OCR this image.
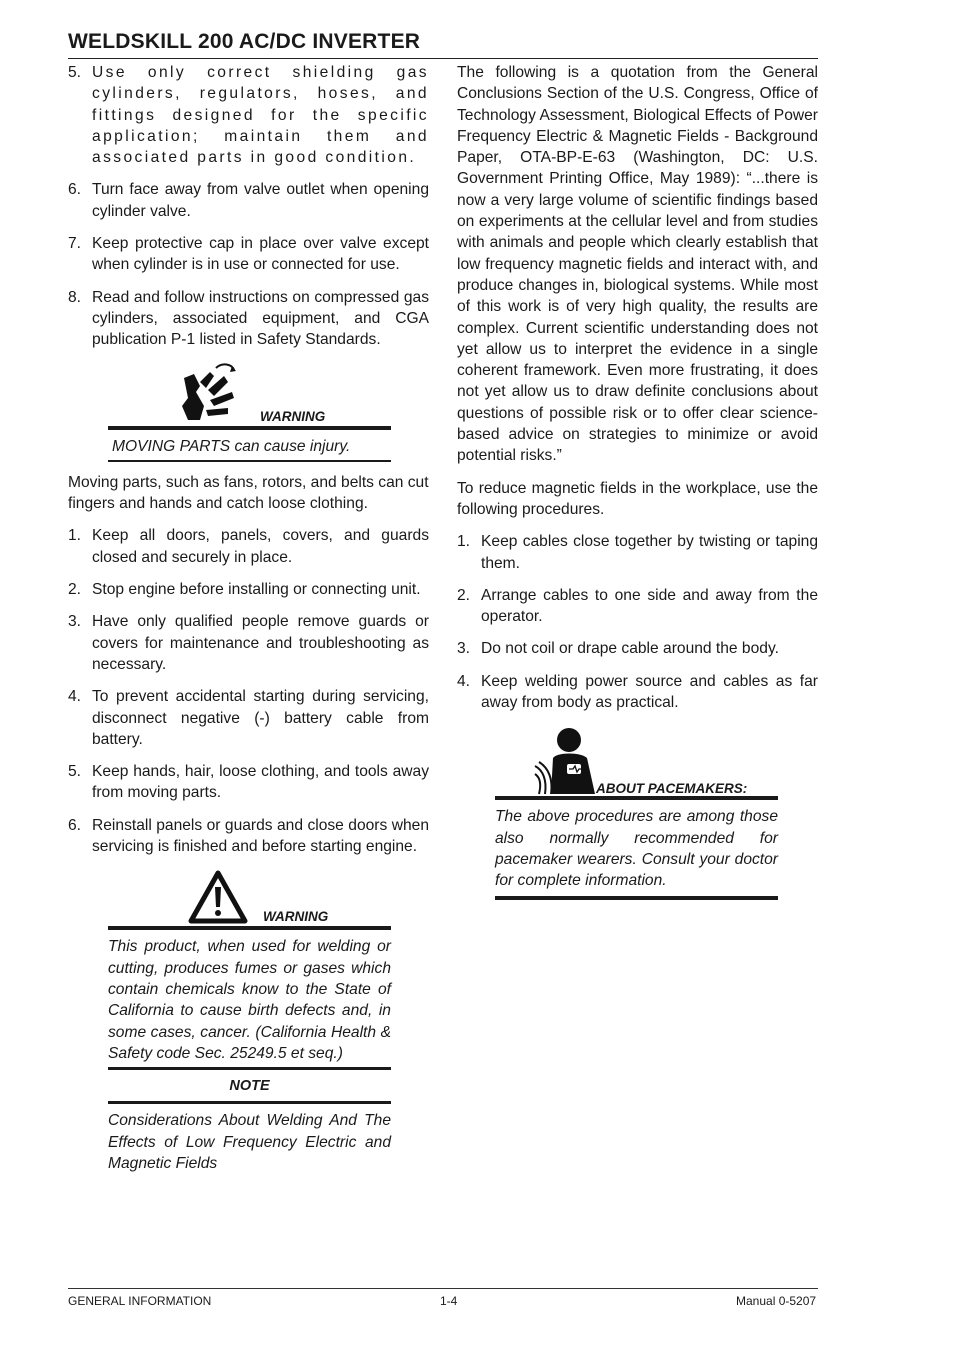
WELDSKILL 200 AC/DC INVERTER
5. Use only correct shielding gas cylinders, regulators, hoses, and fittings designed for the specific application; maintain them and associated parts in good condition.
6. Turn face away from valve outlet when opening cylinder valve.
7. Keep protective cap in place over valve except when cylinder is in use or connected for use.
8. Read and follow instructions on compressed gas cylinders, associated equipment, and CGA publication P-1 listed in Safety Standards.
WARNING
MOVING PARTS can cause injury.

Moving parts, such as fans, rotors, and belts can cut fingers and hands and catch loose clothing.

1. Keep all doors, panels, covers, and guards closed and securely in place.
2. Stop engine before installing or connecting unit.
3. Have only qualified people remove guards or covers for maintenance and troubleshooting as necessary.
4. To prevent accidental starting during servicing, disconnect negative (-) battery cable from battery.
5. Keep hands, hair, loose clothing, and tools away from moving parts.
6. Reinstall panels or guards and close doors when servicing is finished and before starting engine.
WARNING
This product, when used for welding or cutting, produces fumes or gases which contain chemicals know to the State of California to cause birth defects and, in some cases, cancer. (California Health & Safety code Sec. 25249.5 et seq.)
NOTE
Considerations About Welding And The Effects of Low Frequency Electric and Magnetic Fields

The following is a quotation from the General Conclusions Section of the U.S. Congress, Office of Technology Assessment, Biological Effects of Power Frequency Electric & Magnetic Fields - Background Paper, OTA-BP-E-63 (Washington, DC: U.S. Government Printing Office, May 1989): “...there is now a very large volume of scientific findings based on experiments at the cellular level and from studies with animals and people which clearly establish that low frequency magnetic fields and interact with, and produce changes in, biological systems. While most of this work is of very high quality, the results are complex. Current scientific understanding does not yet allow us to interpret the evidence in a single coherent framework. Even more frustrating, it does not yet allow us to draw definite conclusions about questions of possible risk or to offer clear science-based advice on strategies to minimize or avoid potential risks.”

To reduce magnetic fields in the workplace, use the following procedures.

1. Keep cables close together by twisting or taping them.
2. Arrange cables to one side and away from the operator.
3. Do not coil or drape cable around the body.
4. Keep welding power source and cables as far away from body as practical.
ABOUT PACEMAKERS:
The above procedures are among those also normally recommended for pacemaker wearers. Consult your doctor for complete information.
GENERAL INFORMATION	1-4	Manual 0-5207
